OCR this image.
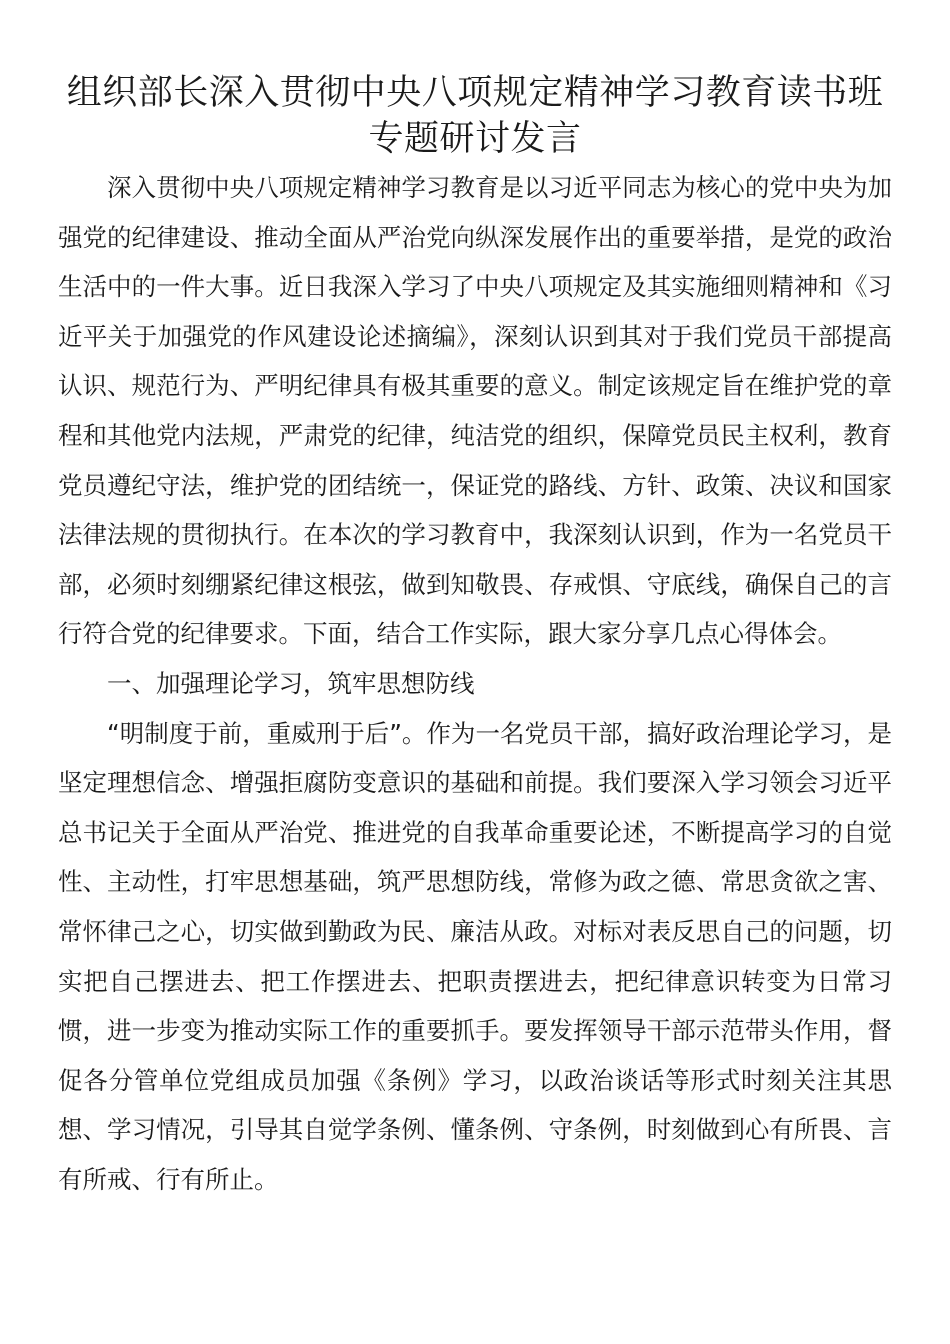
组织部长深入贯彻中央八项规定精神学习教育读书班
专题研讨发言

深入贯彻中央八项规定精神学习教育是以习近平同志为核心的党中央为加强党的纪律建设、推动全面从严治党向纵深发展作出的重要举措，是党的政治生活中的一件大事。近日我深入学习了中央八项规定及其实施细则精神和《习近平关于加强党的作风建设论述摘编》，深刻认识到其对于我们党员干部提高认识、规范行为、严明纪律具有极其重要的意义。制定该规定旨在维护党的章程和其他党内法规，严肃党的纪律，纯洁党的组织，保障党员民主权利，教育党员遵纪守法，维护党的团结统一，保证党的路线、方针、政策、决议和国家法律法规的贯彻执行。在本次的学习教育中，我深刻认识到，作为一名党员干部，必须时刻绷紧纪律这根弦，做到知敬畏、存戒惧、守底线，确保自己的言行符合党的纪律要求。下面，结合工作实际，跟大家分享几点心得体会。

一、加强理论学习，筑牢思想防线

“明制度于前，重威刑于后”。作为一名党员干部，搞好政治理论学习，是坚定理想信念、增强拒腐防变意识的基础和前提。我们要深入学习领会习近平总书记关于全面从严治党、推进党的自我革命重要论述，不断提高学习的自觉性、主动性，打牢思想基础，筑严思想防线，常修为政之德、常思贪欲之害、常怀律己之心，切实做到勤政为民、廉洁从政。对标对表反思自己的问题，切实把自己摆进去、把工作摆进去、把职责摆进去，把纪律意识转变为日常习惯，进一步变为推动实际工作的重要抓手。要发挥领导干部示范带头作用，督促各分管单位党组成员加强《条例》学习，以政治谈话等形式时刻关注其思想、学习情况，引导其自觉学条例、懂条例、守条例，时刻做到心有所畏、言有所戒、行有所止。
